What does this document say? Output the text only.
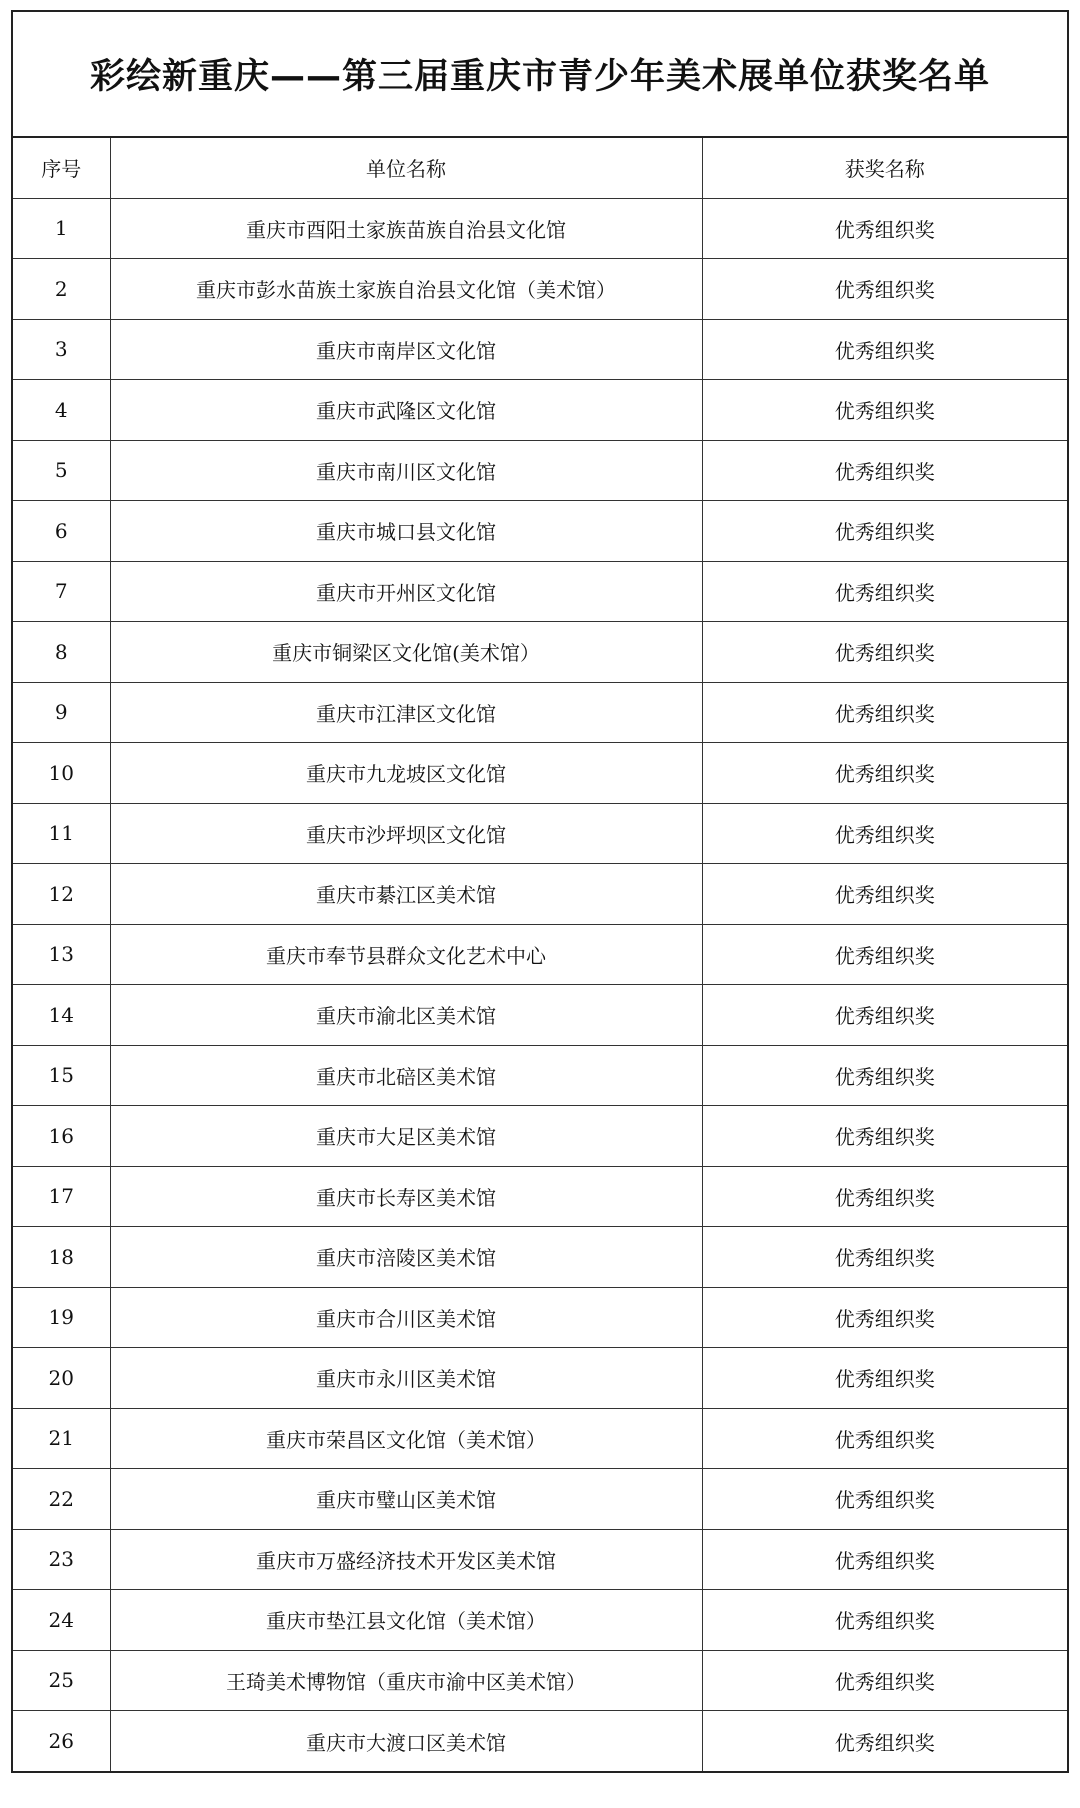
彩绘新重庆——第三届重庆市青少年美术展单位获奖名单
序号	单位名称	获奖名称
1	重庆市酉阳土家族苗族自治县文化馆	优秀组织奖
2	重庆市彭水苗族土家族自治县文化馆（美术馆）	优秀组织奖
3	重庆市南岸区文化馆	优秀组织奖
4	重庆市武隆区文化馆	优秀组织奖
5	重庆市南川区文化馆	优秀组织奖
6	重庆市城口县文化馆	优秀组织奖
7	重庆市开州区文化馆	优秀组织奖
8	重庆市铜梁区文化馆(美术馆）	优秀组织奖
9	重庆市江津区文化馆	优秀组织奖
10	重庆市九龙坡区文化馆	优秀组织奖
11	重庆市沙坪坝区文化馆	优秀组织奖
12	重庆市綦江区美术馆	优秀组织奖
13	重庆市奉节县群众文化艺术中心	优秀组织奖
14	重庆市渝北区美术馆	优秀组织奖
15	重庆市北碚区美术馆	优秀组织奖
16	重庆市大足区美术馆	优秀组织奖
17	重庆市长寿区美术馆	优秀组织奖
18	重庆市涪陵区美术馆	优秀组织奖
19	重庆市合川区美术馆	优秀组织奖
20	重庆市永川区美术馆	优秀组织奖
21	重庆市荣昌区文化馆（美术馆）	优秀组织奖
22	重庆市璧山区美术馆	优秀组织奖
23	重庆市万盛经济技术开发区美术馆	优秀组织奖
24	重庆市垫江县文化馆（美术馆）	优秀组织奖
25	王琦美术博物馆（重庆市渝中区美术馆）	优秀组织奖
26	重庆市大渡口区美术馆	优秀组织奖
